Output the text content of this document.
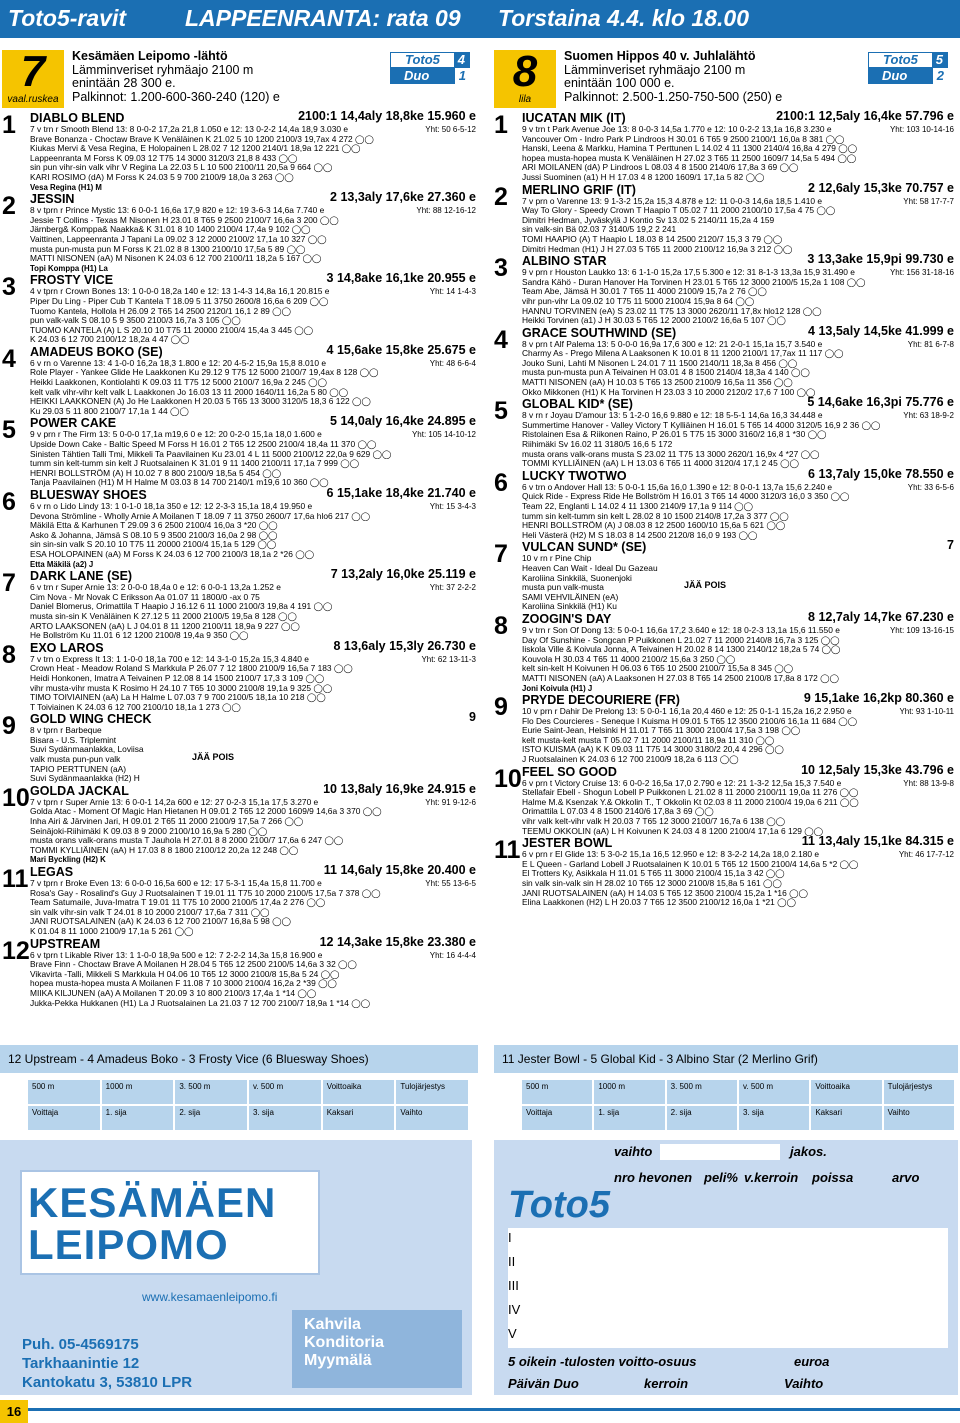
Toto5-ravit	LAPPEENRANTA: rata 09 Torstaina 4.4. klo 18.00
7
vaal.ruskea
Kesämäen Leipomo -lähtö
Lämminveriset ryhmäajo 2100 m
enintään 28 300 e.
Palkinnot: 1.200-600-360-240 (120) e
Toto5	4
Duo	1
1	DIABLO BLEND	2100:1 14,4aly 18,8ke 15.960 e
Yht: 50 6-5-12
7 v trn r Smooth Blend 13: 8 0-0-2 17,2a 21,8 1.050 e 12: 13 0-2-2 14,4a 18,9 3.030 e
Brave Bonanza - Choctaw Brave K Venäläinen K 21.02 5 10 1200 2100/3 19,7ax 4 272 ◯◯
Kiukas Mervi & Vesa Regina, E Holopainen L 28.02 7 12 1200 2140/1 18,9a 12 221 ◯◯
Lappeenranta M Forss K 09.03 12 T75 14 3000 3120/3 21,8 8 433 ◯◯
sin pun vihr-sin valk vihr V Regina La 22.03 5 L 10 500 2100/11 20,5a 9 664 ◯◯
KARI ROSIMO (dA) M Forss K 24.03 5 9 700 2100/9 18,0a 3 263 ◯◯
Vesa Regina (H1) M
2	JESSIN	2 13,3aly 17,6ke 27.360 e
Yht: 88 12-16-12
8 v tprn r Prince Mystic 13: 6 0-0-1 16,6a 17,9 820 e 12: 19 3-6-3 14,6a 7.740 e
Jessie T Collins - Texas M Nisonen H 23.01 8 T65 9 2500 2100/7 16,6a 3 200 ◯◯
Järnberg& Komppa& Naakka& K 31.01 8 10 1400 2100/4 17,4a 9 102 ◯◯
Vaittinen, Lappeenranta J Tapani La 09.02 3 12 2000 2100/2 17,1a 10 327 ◯◯
musta pun-musta pun M Forss K 21.02 8 8 1300 2100/10 17,5a 5 89 ◯◯
MATTI NISONEN (aA) M Nisonen K 24.03 6 12 700 2100/11 18,2a 5 167 ◯◯
Topi Komppa (H1) La
3	FROSTY VICE	3 14,8ake 16,1ke 20.955 e
Yht: 14 1-4-3
4 v tprn r Crown Bones 13: 1 0-0-0 18,2a 140 e 12: 13 1-4-3 14,8a 16,1 20.815 e
Piper Du Ling - Piper Cub T Kantela T 18.09 5 11 3750 2600/8 16,6a 6 209 ◯◯
Tuomo Kantela, Hollola H 26.09 2 T65 14 2500 2120/1 16,1 2 89 ◯◯
pun valk-valk S 08.10 5 9 3500 2100/3 16,7a 3 105 ◯◯
TUOMO KANTELA (A) L S 20.10 10 T75 11 20000 2100/4 15,4a 3 445 ◯◯
K 24.03 6 12 700 2100/12 18,2a 4 47 ◯◯
4	AMADEUS BOKO (SE)	4 15,6ake 15,8ke 25.675 e
Yht: 48 6-6-4
6 v rn o Varenne 13: 4 1-0-0 16,2a 18,3 1.800 e 12: 20 4-5-2 15,9a 15,8 8.010 e
Role Player - Yankee Glide He Laakkonen Ku 29.12 9 T75 12 5000 2100/7 19,4ax 8 128 ◯◯
Heikki Laakkonen, Kontiolahti K 09.03 11 T75 12 5000 2100/7 16,9a 2 245 ◯◯
kelt valk vihr-vihr kelt valk L Laakkonen Jo 16.03 13 11 2000 1640/11 16,2a 5 80 ◯◯
HEIKKI LAAKKONEN (A) Jo He Laakkonen H 20.03 5 T65 13 3000 3120/5 18,3 6 122 ◯◯
Ku 29.03 5 11 800 2100/7 17,1a 1 44 ◯◯
5	POWER CAKE	5 14,0aly 16,4ke 24.895 e
Yht: 105 14-10-12
9 v prn r The Firm 13: 5 0-0-0 17,1a m19,6 0 e 12: 20 0-2-0 15,1a 18,0 1.600 e
Upside Down Cake - Baltic Speed M Forss H 16.01 2 T65 12 2500 2100/4 18,4a 11 370 ◯◯
Sinisten Tähtien Talli Tmi, Mikkeli Ta Paavilainen Ku 23.01 4 L 11 5000 2100/12 22,0a 9 629 ◯◯
tumm sin kelt-tumm sin kelt J Ruotsalainen K 31.01 9 11 1400 2100/11 17,1a 7 999 ◯◯
HENRI BOLLSTRÖM (A) H 10.02 7 8 800 2100/9 18,5a 5 454 ◯◯
Tanja Paavilainen (H1) M H Halme M 03.03 8 14 700 2140/1 m19,6 10 360 ◯◯
6	BLUESWAY SHOES	6 15,1ake 18,4ke 21.740 e
Yht: 15 3-4-3
6 v rn o Lido Lindy 13: 1 0-1-0 18,1a 350 e 12: 12 2-3-3 15,1a 18,4 19.950 e
Devona Strömline - Wholly Arnie A Moilanen T 18.09 7 11 3750 2600/7 17,6a hlo6 217 ◯◯
Mäkilä Etta & Karhunen T 29.09 3 6 2500 2100/4 16,0a 3 *20 ◯◯
Asko & Johanna, Jämsä S 08.10 5 9 3500 2100/3 16,0a 2 98 ◯◯
sin sin-sin valk S 20.10 10 T75 11 20000 2100/4 15,1a 5 129 ◯◯
ESA HOLOPAINEN (aA) M Forss K 24.03 6 12 700 2100/3 18,1a 2 *26 ◯◯
Etta Mäkilä (a2) J
7	DARK LANE (SE)	7 13,2aly 16,0ke 25.119 e
Yht: 37 2-2-2
6 v trn r Super Arnie 13: 2 0-0-0 18,4a 0 e 12: 6 0-0-1 13,2a 1.252 e
Cim Nova - Mr Novak C Eriksson Aa 01.07 11 1800/0 -ax 0 75
Daniel Blomerus, Orimattila T Haapio J 16.12 6 11 1000 2100/3 19,8a 4 191 ◯◯
musta sin-sin K Venäläinen K 27.12 5 11 2000 2100/5 19,5a 8 128 ◯◯
ARTO LAAKSONEN (aA) L J 04.01 8 11 1200 2100/11 18,9a 9 227 ◯◯
He Bollström Ku 11.01 6 12 1200 2100/8 19,4a 9 350 ◯◯
8	EXO LAROS	8 13,6aly 15,3ly 26.730 e
Yht: 62 13-11-3
7 v trn o Express It 13: 1 1-0-0 18,1a 700 e 12: 14 3-1-0 15,2a 15,3 4.840 e
Crown Heat - Meadow Roland S Markkula P 26.07 7 12 1800 2100/9 16,5a 7 183 ◯◯
Heidi Honkonen, Imatra A Teivainen P 12.08 8 14 1500 2100/7 17,3 3 109 ◯◯
vihr musta-vihr musta K Rosimo H 24.10 7 T65 10 3000 2100/8 19,1a 9 325 ◯◯
TIMO TOIVIAINEN (aA) La H Halme L 07.03 7 9 700 2100/5 18,1a 10 218 ◯◯
T Toiviainen K 24.03 6 12 700 2100/10 18,1a 1 273 ◯◯
9	GOLD WING CHECK	9
8 v tprn r Barbeque
Bisara - U.S. Triplemint
Suvi Sydänmaanlakka, Loviisa
valk musta pun-pun valk
TAPIO PERTTUNEN (aA)
Suvi Sydänmaanlakka (H2) H
JÄÄ POIS
10 GOLDA JACKAL	10 13,8aly 16,9ke 24.915 e
Yht: 91 9-12-6
7 v tprn r Super Arnie 13: 6 0-0-1 14,2a 600 e 12: 27 0-2-3 15,1a 17,5 3.270 e
Golda Atac - Moment Of Magic Han Hietanen H 09.01 2 T65 12 2000 1609/9 14,6a 3 370 ◯◯
Inha Airi & Järvinen Jari, H 09.01 2 T65 11 2000 2100/9 17,5a 7 266 ◯◯
Seinäjoki-Riihimäki K 09.03 8 9 2000 2100/10 16,9a 5 280 ◯◯
musta orans valk-orans musta T Jauhola H 27.01 8 8 2000 2100/7 17,6a 6 247 ◯◯
TOMMI KYLLIÄINEN (aA) H 17.03 8 8 1800 2100/12 20,2a 12 248 ◯◯
Mari Byckling (H2) K
11 LEGAS	11 14,6aly 15,8ke 20.400 e
Yht: 55 13-6-5
7 v tprn r Broke Even 13: 6 0-0-0 16,5a 600 e 12: 17 5-3-1 15,4a 15,8 11.700 e
Rosa's Gay - Rosalind's Guy J Ruotsalainen T 19.01 11 T75 10 2000 2100/5 17,5a 7 378 ◯◯
Team Satumaile, Juva-Imatra T 19.01 11 T75 10 2000 2100/5 17,4a 2 276 ◯◯
sin valk vihr-sin valk T 24.01 8 10 2000 2100/7 17,6a 7 311 ◯◯
JANI RUOTSALAINEN (aA) K 24.03 6 12 700 2100/7 16,8a 5 98 ◯◯
K 01.04 8 11 1000 2100/9 17,1a 5 261 ◯◯
12 UPSTREAM	12 14,3ake 15,8ke 23.380 e
Yht: 16 4-4-4
6 v tprn t Likable River 13: 1 1-0-0 18,9a 500 e 12: 7 2-2-2 14,3a 15,8 16.900 e
Brave Finn - Choctaw Brave A Moilanen H 28.04 5 T65 12 2500 2100/5 14,6a 3 32 ◯◯
Vikavirta -Talli, Mikkeli S Markkula H 04.06 10 T65 12 3000 2100/8 15,8a 5 24 ◯◯
hopea musta-hopea musta A Moilanen F 11.08 7 10 3000 2100/4 16,2a 2 *39 ◯◯
MIIKA KILJUNEN (aA) A Moilanen T 20.09 3 10 800 2100/3 17,4a 1 *14 ◯◯
Jukka-Pekka Hukkanen (H1) La J Ruotsalainen La 21.03 7 12 700 2100/7 18,9a 1 *14 ◯◯
8
lila
Suomen Hippos 40 v. Juhlalähtö
Lämminveriset ryhmäajo 2100 m
enintään 100 000 e.
Palkinnot: 2.500-1.250-750-500 (250) e
Toto5	5
Duo	2
1	IUCATAN MIK (IT)	2100:1 12,5aly 16,4ke 57.796 e
Yht: 103 10-14-16
9 v trn t Park Avenue Joe 13: 8 0-0-3 14,5a 1.770 e 12: 10 0-2-2 13,1a 16,8 3.230 e
Vancouver Om - Indro Park P Lindroos H 30.01 6 T65 9 2500 2100/1 16,0a 8 381 ◯◯
Hanski, Leena & Markku, Hamina T Perttunen L 14.02 4 11 1300 2140/4 16,8a 4 279 ◯◯
hopea musta-hopea musta K Venäläinen H 27.02 3 T65 11 2500 1609/7 14,5a 5 494 ◯◯
ARI MOILANEN (dA) P Lindroos L 08.03 4 8 1500 2140/6 17,8a 3 69 ◯◯
Jussi Suominen (a1) H H 17.03 4 8 1200 1609/1 17,1a 5 82 ◯◯
2	MERLINO GRIF (IT)	2 12,6aly 15,3ke 70.757 e
Yht: 58 17-7-7
7 v prn o Varenne 13: 9 1-3-2 15,2a 15,3 4.878 e 12: 11 0-0-3 14,6a 18,5 1.410 e
Way To Glory - Speedy Crown T Haapio T 05.02 7 11 2000 2100/10 17,5a 4 75 ◯◯
Dimitri Hedman, Jyväskylä J Kontio Sv 13.02 5 2140/11 15,2a 4 159
sin valk-sin Bä 02.03 7 3140/5 19,2 2 241
TOMI HAAPIO (A) T Haapio L 18.03 8 14 2500 2120/7 15,3 3 79 ◯◯
Dimitri Hedman (H1) J H 27.03 5 T65 11 2000 2100/12 16,9a 3 212 ◯◯
3	ALBINO STAR	3 13,3ake 15,9pi 99.730 e
Yht: 156 31-18-16
9 v prn r Houston Laukko 13: 6 1-1-0 15,2a 17,5 5.300 e 12: 31 8-1-3 13,3a 15,9 31.490 e
Sandra Kähö - Duran Hanover Ha Torvinen H 23.01 5 T65 12 3000 2100/5 15,2a 1 108 ◯◯
Team Abe, Jämsä H 30.01 7 T65 11 4000 2100/9 15,7a 2 76 ◯◯
vihr pun-vihr La 09.02 10 T75 11 5000 2100/4 15,9a 8 64 ◯◯
HANNU TORVINEN (eA) S 23.02 11 T75 13 3000 2620/11 17,8x hlo12 128 ◯◯
Heikki Torvinen (a1) J H 30.03 5 T65 12 2000 2100/2 16,6a 5 107 ◯◯
4	GRACE SOUTHWIND (SE)	4 13,5aly 14,5ke 41.999 e
Yht: 81 6-7-8
8 v prn t Alf Palema 13: 5 0-0-0 16,9a 17,6 300 e 12: 21 2-0-1 15,1a 15,7 3.540 e
Charmy As - Prego Milena A Laaksonen K 10.01 8 11 1200 2100/1 17,7ax 11 117 ◯◯
Jouko Suni, Lahti M Nisonen L 24.01 7 11 1500 2140/11 18,3a 8 456 ◯◯
musta pun-musta pun A Teivainen H 03.01 4 8 1500 2140/4 18,3a 4 140 ◯◯
MATTI NISONEN (aA) H 10.03 5 T65 13 2500 2100/9 16,5a 11 356 ◯◯
Okko Mikkonen (H1) K Ha Torvinen H 23.03 3 10 2000 2120/2 17,6 7 100 ◯◯
5	GLOBAL KID* (SE)	5 14,6ake 16,3pi 75.776 e
Yht: 63 18-9-2
8 v rn r Joyau D'amour 13: 5 1-2-0 16,6 9.880 e 12: 18 5-5-1 14,6a 16,3 34.448 e
Summertime Hanover - Valley Victory T Kylliäinen H 16.01 5 T65 14 4000 3120/5 16,9 2 36 ◯◯
Ristolainen Esa & Riikonen Raino, P 26.01 5 T75 15 3000 3160/2 16,8 1 *30 ◯◯
Riihimäki Sv 16.02 11 3180/5 16,6 5 172
musta orans valk-orans musta S 23.02 11 T75 13 3000 2620/1 16,9x 4 *27 ◯◯
TOMMI KYLLIÄINEN (aA) L H 13.03 6 T65 11 4000 3120/4 17,1 2 45 ◯◯
6	LUCKY TWOTWO	6 13,7aly 15,0ke 78.550 e
Yht: 33 6-5-6
6 v trn o Andover Hall 13: 5 0-0-1 15,6a 16,0 1.390 e 12: 8 0-0-1 13,7a 15,6 2.240 e
Quick Ride - Express Ride He Bollström H 16.01 3 T65 14 4000 3120/3 16,0 3 350 ◯◯
Team 22, Englanti L 14.02 4 11 1300 2140/9 17,1a 9 114 ◯◯
tumm sin kelt-tumm sin kelt L 28.02 8 10 1500 2140/8 17,2a 3 377 ◯◯
HENRI BOLLSTRÖM (A) J 08.03 8 12 2500 1600/10 15,6a 5 621 ◯◯
Heli Västerä (H2) M S 18.03 8 14 2500 2120/8 16,0 9 193 ◯◯
7	VULCAN SUND* (SE)	7
10 v rn r Pine Chip
Heaven Can Wait - Ideal Du Gazeau
Karoliina Sinkkilä, Suonenjoki
musta pun valk-musta
SAMI VEHVILÄINEN (eA)
Karoliina Sinkkilä (H1) Ku
JÄÄ POIS
8	ZOOGIN'S DAY	8 12,7aly 14,7ke 67.230 e
Yht: 109 13-16-15
9 v trn r Son Of Dong 13: 5 0-0-1 16,6a 17,2 3.640 e 12: 18 0-2-3 13,1a 15,6 11.550 e
Day Of Sunshine - Songcan P Puikkonen L 21.02 7 11 2000 2140/8 16,7a 3 125 ◯◯
Iiskola Ville & Koivula Jonna, A Teivainen H 20.02 8 14 1300 2140/12 18,2a 5 74 ◯◯
Kouvola H 30.03 4 T65 11 4000 2100/2 15,6a 3 250 ◯◯
kelt sin-kelt H Koivunen H 06.03 6 T65 10 2500 2100/7 15,5a 8 345 ◯◯
MATTI NISONEN (aA) A Laaksonen H 27.03 8 T65 14 2500 2100/8 17,8a 8 172 ◯◯
Joni Koivula (H1) J
9	PRYDE DECOURIERE (FR)	9 15,1ake 16,2kp 80.360 e
Yht: 93 1-10-11
10 v prn r Dahir De Prelong 13: 5 0-0-1 16,1a 20,4 460 e 12: 25 0-1-1 15,2a 16,2 2.950 e
Flo Des Courcieres - Seneque I Kuisma H 09.01 5 T65 12 3500 2100/6 16,1a 11 684 ◯◯
Eurie Saint-Jean, Helsinki H 11.01 7 T65 11 3000 2100/4 17,5a 3 198 ◯◯
kelt musta-kelt musta T 05.02 7 11 2000 2100/11 18,9a 11 310 ◯◯
ISTO KUISMA (aA) K K 09.03 11 T75 14 3000 3180/2 20,4 4 296 ◯◯
J Ruotsalainen K 24.03 6 12 700 2100/9 18,2a 6 113 ◯◯
10 FEEL SO GOOD	10 12,5aly 15,3ke 43.796 e
Yht: 88 13-9-8
6 v prn t Victory Cruise 13: 6 0-0-2 16,5a 17,0 2.790 e 12: 21 1-3-2 12,5a 15,3 7.540 e
Stellafair Ebell - Shogun Lobell P Puikkonen L 21.02 8 11 2000 2100/11 19,0a 11 276 ◯◯
Halme M.& Ksenzak Y.& Okkolin T., T Okkolin Kt 02.03 8 11 2000 2100/4 19,0a 6 211 ◯◯
Orimattila L 07.03 4 8 1500 2140/6 17,8a 3 69 ◯◯
vihr valk kelt-vihr valk H 20.03 7 T65 12 3000 2100/7 16,7a 6 138 ◯◯
TEEMU OKKOLIN (aA) L H Koivunen K 24.03 4 8 1200 2100/4 17,1a 6 129 ◯◯
11 JESTER BOWL	11 13,4aly 15,1ke 84.315 e
Yht: 46 17-7-12
6 v prn r El Glide 13: 5 3-0-2 15,1a 16,5 12.950 e 12: 8 3-2-2 14,2a 18,0 2.180 e
E L Queen - Garland Lobell J Ruotsalainen K 10.01 5 T65 12 1500 2100/4 14,6a 5 *2 ◯◯
El Trotters Ky, Asikkala H 11.01 5 T65 11 3000 2100/4 15,1a 3 42 ◯◯
sin valk sin-valk sin H 28.02 10 T65 12 3000 2100/8 15,8a 5 161 ◯◯
JANI RUOTSALAINEN (aA) H 14.03 5 T65 12 3500 2100/4 15,2a 1 *16 ◯◯
Elina Laakkonen (H2) L H 20.03 7 T65 12 3500 2100/12 16,0a 1 *21 ◯◯
12 Upstream - 4 Amadeus Boko - 3 Frosty Vice (6 Bluesway Shoes)	11 Jester Bowl - 5 Global Kid - 3 Albino Star (2 Merlino Grif)
500 m	1000 m	3. 500 m	v. 500 m	Voittoaika	Tulojärjestys
Voittaja	1. sija	2. sija	3. sija	Kaksari	Vaihto
500 m	1000 m	3. 500 m	v. 500 m	Voittoaika	Tulojärjestys
Voittaja	1. sija	2. sija	3. sija	Kaksari	Vaihto
KESÄMÄEN
LEIPOMO
www.kesamaenleipomo.fi
Puh. 05-4569175
Tarkhaanintie 12
Kantokatu 3, 53810 LPR
Kahvila
Konditoria
Myymälä
Toto5
vaihto	jakos.
nro hevonen peli% v.kerroin poissa	arvo
I
II
III
IV
V
5 oikein -tulosten voitto-osuus	euroa
Päivän Duo	kerroin	Vaihto
16
